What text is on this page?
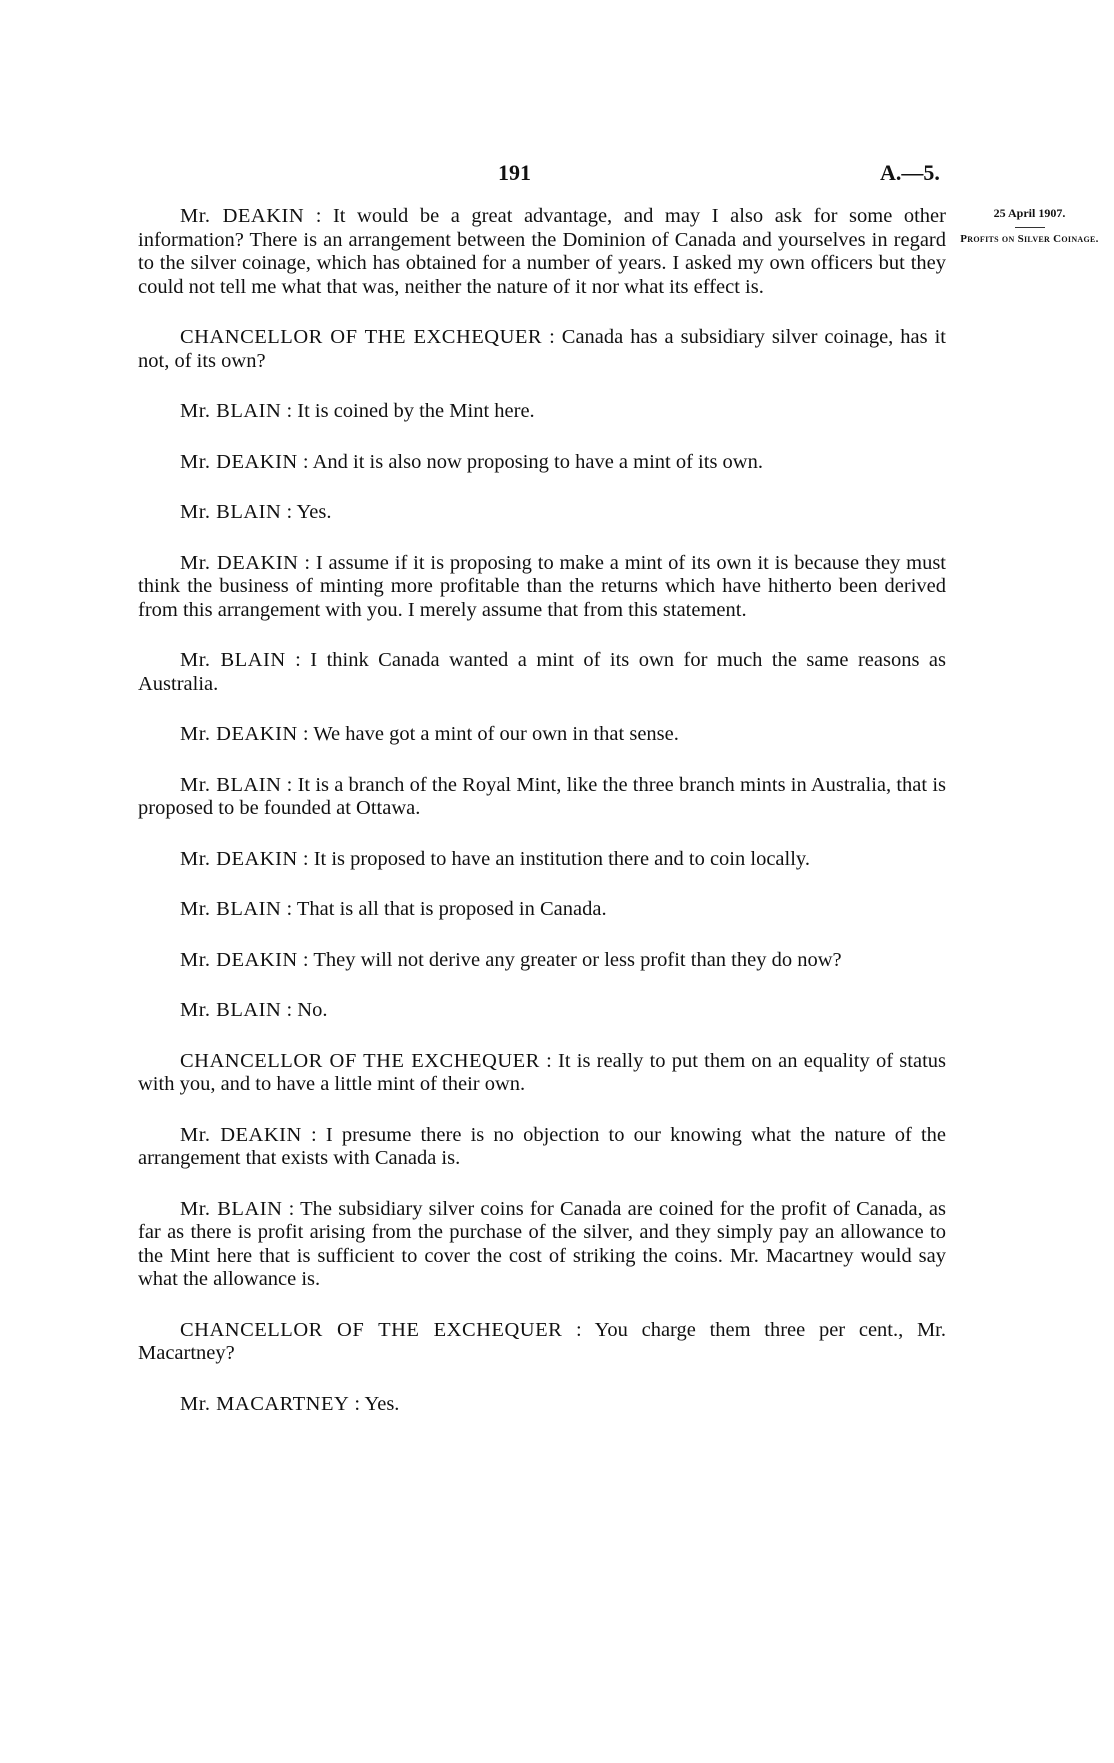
191	A.—5.
25 April 1907.
Profits on Silver Coinage.

Mr. DEAKIN : It would be a great advantage, and may I also ask for some other information? There is an arrangement between the Dominion of Canada and yourselves in regard to the silver coinage, which has obtained for a number of years. I asked my own officers but they could not tell me what that was, neither the nature of it nor what its effect is.

CHANCELLOR OF THE EXCHEQUER : Canada has a subsidiary silver coinage, has it not, of its own?

Mr. BLAIN : It is coined by the Mint here.

Mr. DEAKIN : And it is also now proposing to have a mint of its own.

Mr. BLAIN : Yes.

Mr. DEAKIN : I assume if it is proposing to make a mint of its own it is because they must think the business of minting more profitable than the returns which have hitherto been derived from this arrangement with you. I merely assume that from this statement.

Mr. BLAIN : I think Canada wanted a mint of its own for much the same reasons as Australia.

Mr. DEAKIN : We have got a mint of our own in that sense.

Mr. BLAIN : It is a branch of the Royal Mint, like the three branch mints in Australia, that is proposed to be founded at Ottawa.

Mr. DEAKIN : It is proposed to have an institution there and to coin locally.

Mr. BLAIN : That is all that is proposed in Canada.

Mr. DEAKIN : They will not derive any greater or less profit than they do now?

Mr. BLAIN : No.

CHANCELLOR OF THE EXCHEQUER : It is really to put them on an equality of status with you, and to have a little mint of their own.

Mr. DEAKIN : I presume there is no objection to our knowing what the nature of the arrangement that exists with Canada is.

Mr. BLAIN : The subsidiary silver coins for Canada are coined for the profit of Canada, as far as there is profit arising from the purchase of the silver, and they simply pay an allowance to the Mint here that is sufficient to cover the cost of striking the coins. Mr. Macartney would say what the allowance is.

CHANCELLOR OF THE EXCHEQUER : You charge them three per cent., Mr. Macartney?

Mr. MACARTNEY : Yes.
